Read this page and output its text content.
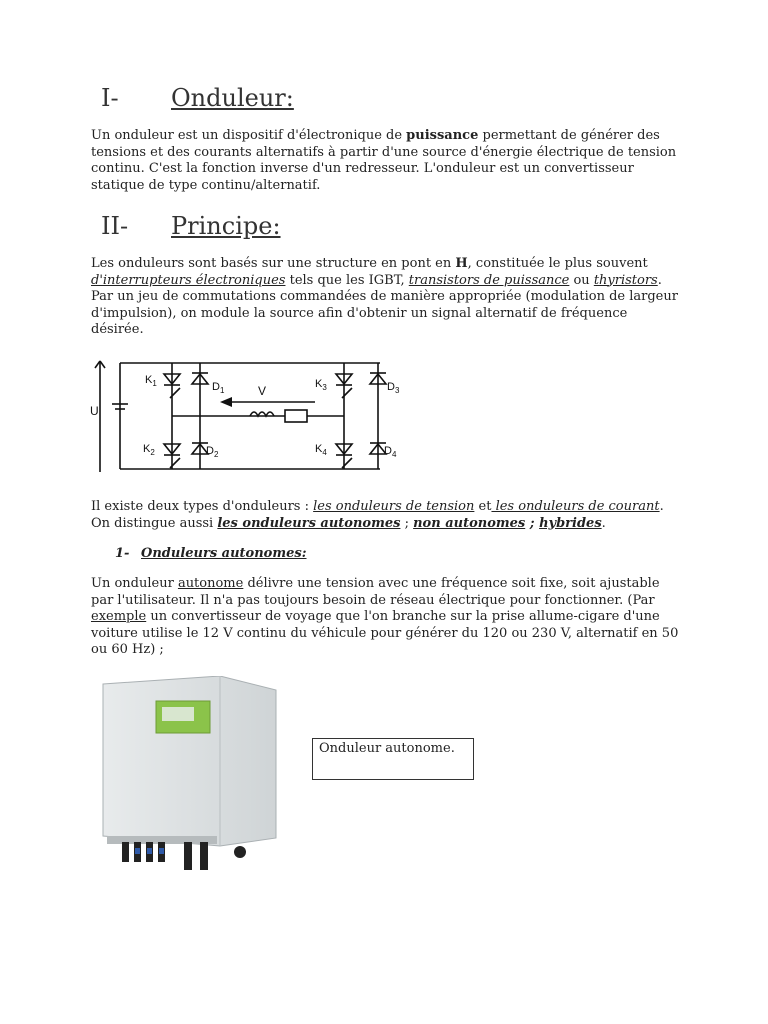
I- Onduleur:
Un onduleur est un dispositif d'électronique de puissance permettant de générer des tensions et des courants alternatifs à partir d'une source d'énergie électrique de tension continu. C'est la fonction inverse d'un redresseur. L'onduleur est un convertisseur statique de type continu/alternatif.
II- Principe:
Les onduleurs sont basés sur une structure en pont en H, constituée le plus souvent d'interrupteurs électroniques tels que les IGBT, transistors de puissance ou thyristors. Par un jeu de commutations commandées de manière appropriée (modulation de largeur d'impulsion), on module la source afin d'obtenir un signal alternatif de fréquence désirée.
U
V
$K_1$	$D_1$
$K_3$	$D_3$
$K_2$	$D_2$	$K_4$	$D_4$
Il existe deux types d'onduleurs : les onduleurs de tension et les onduleurs de courant. On distingue aussi les onduleurs autonomes ; non autonomes ; hybrides.
1- Onduleurs autonomes:
Un onduleur autonome délivre une tension avec une fréquence soit fixe, soit ajustable par l'utilisateur. Il n'a pas toujours besoin de réseau électrique pour fonctionner. (Par exemple un convertisseur de voyage que l'on branche sur la prise allume-cigare d'une voiture utilise le 12 V continu du véhicule pour générer du 120 ou 230 V, alternatif en 50 ou 60 Hz) ;
Onduleur autonome.
